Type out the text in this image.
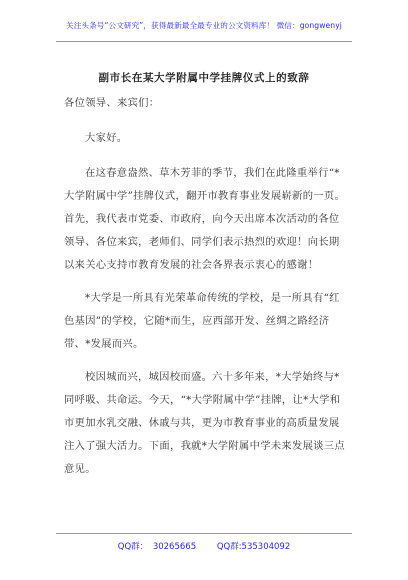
关注头条号“公文研究”，获得最新最全最专业的公文资料库！ 微信：gongwenyj
副市长在某大学附属中学挂牌仪式上的致辞

各位领导、来宾们：

大家好。

在这春意盎然、草木芳菲的季节，我们在此隆重举行“*大学附属中学”挂牌仪式，翻开市教育事业发展崭新的一页。首先，我代表市党委、市政府，向今天出席本次活动的各位领导、各位来宾，老师们、同学们表示热烈的欢迎！向长期以来关心支持市教育发展的社会各界表示衷心的感谢！

*大学是一所具有光荣革命传统的学校，是一所具有“红色基因”的学校，它随*而生，应西部开发、丝绸之路经济带、*发展而兴。

校因城而兴，城因校而盛。六十多年来，*大学始终与*同呼吸、共命运。今天，“*大学附属中学”挂牌，让*大学和市更加水乳交融、休戚与共，更为市教育事业的高质量发展注入了强大活力。下面，我就*大学附属中学未来发展谈三点意见。

QQ群： 30265665 QQ群:535304092
